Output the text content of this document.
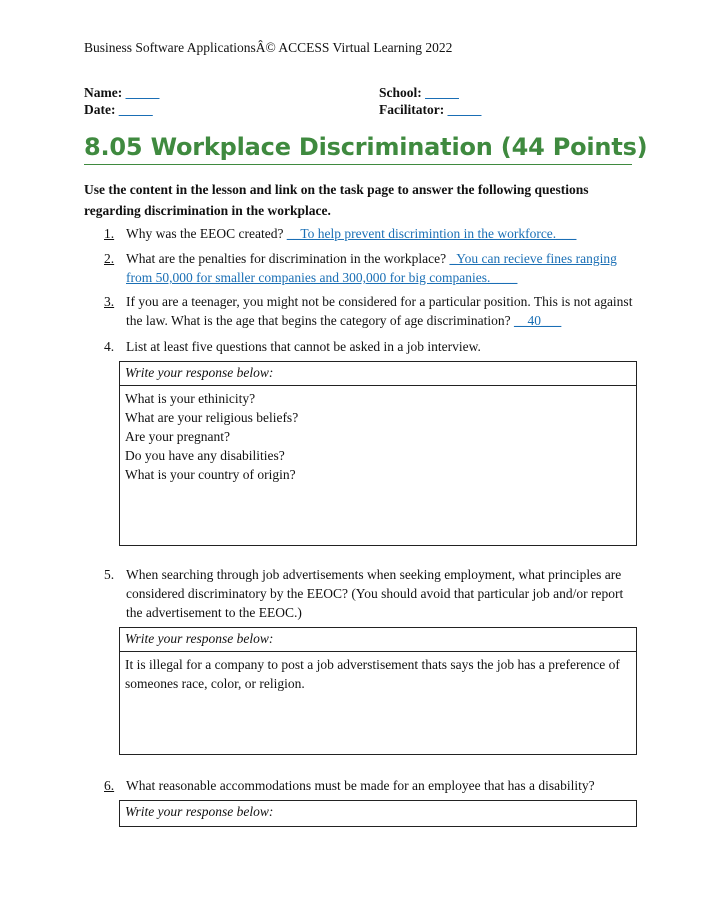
Business Software ApplicationsÂ© ACCESS Virtual Learning 2022
Name: _____
Date: _____
School: _____
Facilitator: _____
8.05 Workplace Discrimination (44 Points)
Use the content in the lesson and link on the task page to answer the following questions regarding discrimination in the workplace.
1. Why was the EEOC created? __To help prevent discrimintion in the workforce.___
2. What are the penalties for discrimination in the workplace? _You can recieve fines ranging from 50,000 for smaller companies and 300,000 for big companies.____
3. If you are a teenager, you might not be considered for a particular position. This is not against the law. What is the age that begins the category of age discrimination? __40___
4. List at least five questions that cannot be asked in a job interview.
Write your response below:
What is your ethinicity?
What are your religious beliefs?
Are your pregnant?
Do you have any disabilities?
What is your country of origin?
5. When searching through job advertisements when seeking employment, what principles are considered discriminatory by the EEOC? (You should avoid that particular job and/or report the advertisement to the EEOC.)
Write your response below:
It is illegal for a company to post a job adverstisement thats says the job has a preference of someones race, color, or religion.
6. What reasonable accommodations must be made for an employee that has a disability?
Write your response below:
